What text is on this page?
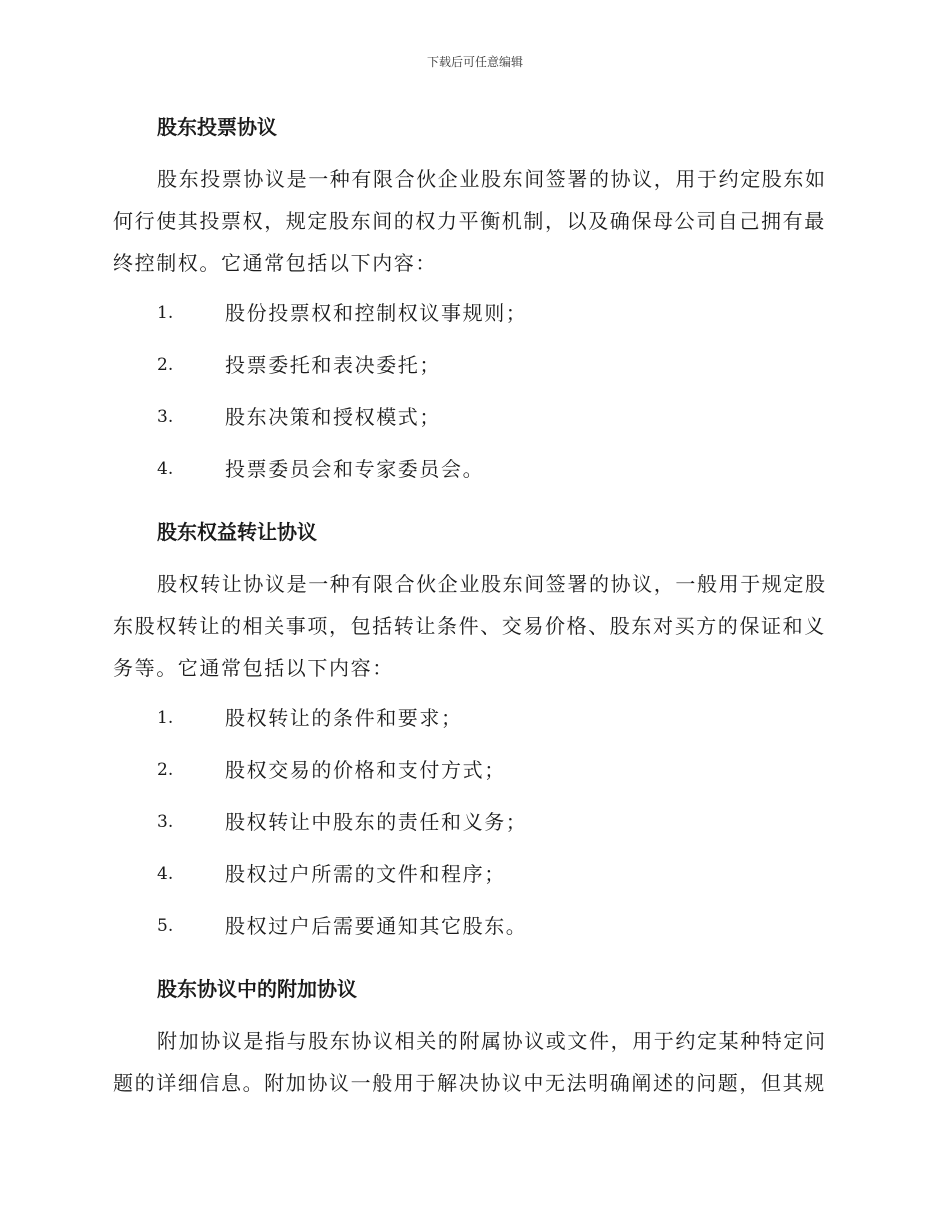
下载后可任意编辑
股东投票协议

股东投票协议是一种有限合伙企业股东间签署的协议，用于约定股东如何行使其投票权，规定股东间的权力平衡机制，以及确保母公司自己拥有最终控制权。它通常包括以下内容：

1.	股份投票权和控制权议事规则；
2.	投票委托和表决委托；
3.	股东决策和授权模式；
4.	投票委员会和专家委员会。
股东权益转让协议

股权转让协议是一种有限合伙企业股东间签署的协议，一般用于规定股东股权转让的相关事项，包括转让条件、交易价格、股东对买方的保证和义务等。它通常包括以下内容：

1.	股权转让的条件和要求；
2.	股权交易的价格和支付方式；
3.	股权转让中股东的责任和义务；
4.	股权过户所需的文件和程序；
5.	股权过户后需要通知其它股东。
股东协议中的附加协议

附加协议是指与股东协议相关的附属协议或文件，用于约定某种特定问题的详细信息。附加协议一般用于解决协议中无法明确阐述的问题，但其规
